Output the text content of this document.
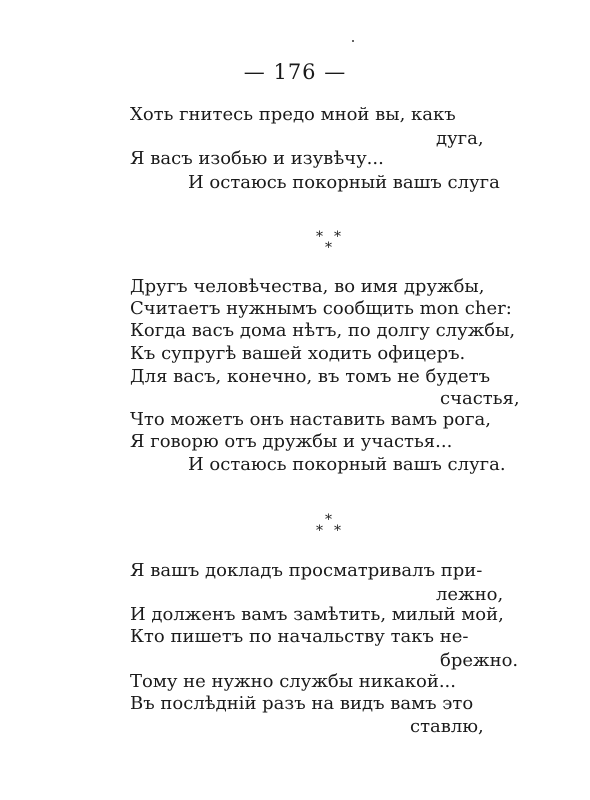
— 176 —
Хоть гнитесь предо мной вы, какъ
дуга,
Я васъ изобью и изувѣчу...
И остаюсь покорный вашъ слуга
* *
*
Другъ человѣчества, во имя дружбы,
Считаетъ нужнымъ сообщить mon cher:
Когда васъ дома нѣтъ, по долгу службы,
Къ супругѣ вашей ходить офицеръ.
Для васъ, конечно, въ томъ не будетъ
счастья,
Что можетъ онъ наставить вамъ рога,
Я говорю отъ дружбы и участья...
И остаюсь покорный вашъ слуга.
*
* *
Я вашъ докладъ просматривалъ при-
лежно,
И долженъ вамъ замѣтить, милый мой,
Кто пишетъ по начальству такъ не-
брежно.
Тому не нужно службы никакой...
Въ послѣдній разъ на видъ вамъ это
ставлю,
